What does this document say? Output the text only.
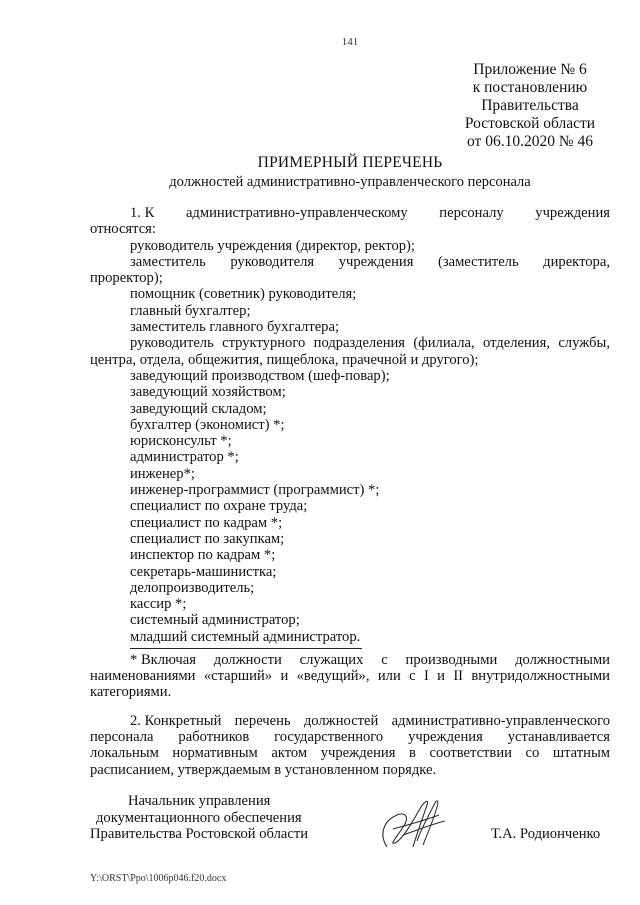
141
Приложение № 6
к постановлению
Правительства
Ростовской области
от 06.10.2020 № 46
ПРИМЕРНЫЙ ПЕРЕЧЕНЬ
должностей административно-управленческого персонала
1. К административно-управленческому персоналу учреждения
относятся:
руководитель учреждения (директор, ректор);
заместитель руководителя учреждения (заместитель директора,
проректор);
помощник (советник) руководителя;
главный бухгалтер;
заместитель главного бухгалтера;
руководитель структурного подразделения (филиала, отделения, службы,
центра, отдела, общежития, пищеблока, прачечной и другого);
заведующий производством (шеф-повар);
заведующий хозяйством;
заведующий складом;
бухгалтер (экономист) *;
юрисконсульт *;
администратор *;
инженер*;
инженер-программист (программист) *;
специалист по охране труда;
специалист по кадрам *;
специалист по закупкам;
инспектор по кадрам *;
секретарь-машинистка;
делопроизводитель;
кассир *;
системный администратор;
младший системный администратор.
* Включая должности служащих с производными должностными
наименованиями «старший» и «ведущий», или с I и II внутридолжностными
категориями.
2. Конкретный перечень должностей административно-управленческого
персонала работников государственного учреждения устанавливается
локальным нормативным актом учреждения в соответствии со штатным
расписанием, утверждаемым в установленном порядке.
Начальник управления
документационного обеспечения
Правительства Ростовской области	Т.А. Родионченко
Y:\ORST\Ppo\1006p046.f20.docx
